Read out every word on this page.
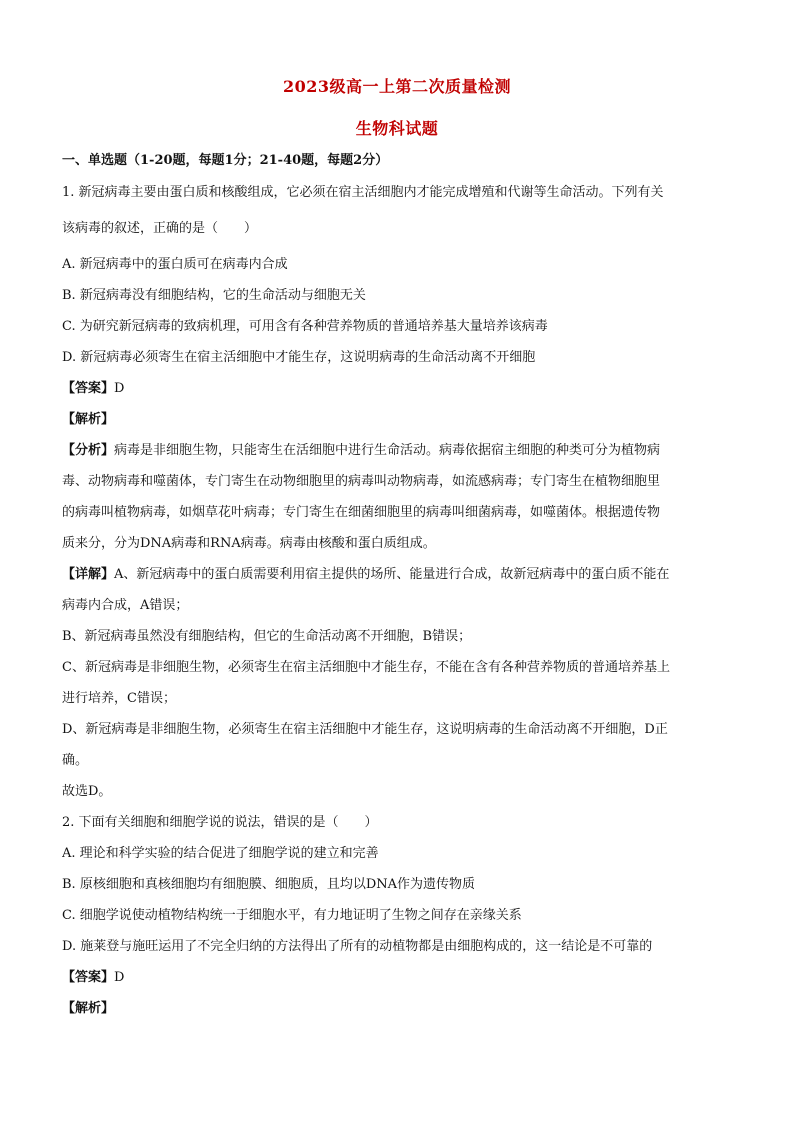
2023级高一上第二次质量检测
生物科试题
一、单选题（1-20题，每题1分；21-40题，每题2分）
1. 新冠病毒主要由蛋白质和核酸组成，它必须在宿主活细胞内才能完成增殖和代谢等生命活动。下列有关
该病毒的叙述，正确的是（　　）
A. 新冠病毒中的蛋白质可在病毒内合成
B. 新冠病毒没有细胞结构，它的生命活动与细胞无关
C. 为研究新冠病毒的致病机理，可用含有各种营养物质的普通培养基大量培养该病毒
D. 新冠病毒必须寄生在宿主活细胞中才能生存，这说明病毒的生命活动离不开细胞
【答案】D
【解析】
【分析】病毒是非细胞生物，只能寄生在活细胞中进行生命活动。病毒依据宿主细胞的种类可分为植物病
毒、动物病毒和噬菌体，专门寄生在动物细胞里的病毒叫动物病毒，如流感病毒；专门寄生在植物细胞里
的病毒叫植物病毒，如烟草花叶病毒；专门寄生在细菌细胞里的病毒叫细菌病毒，如噬菌体。根据遗传物
质来分，分为DNA病毒和RNA病毒。病毒由核酸和蛋白质组成。
【详解】A、新冠病毒中的蛋白质需要利用宿主提供的场所、能量进行合成，故新冠病毒中的蛋白质不能在
病毒内合成，A错误；
B、新冠病毒虽然没有细胞结构，但它的生命活动离不开细胞，B错误；
C、新冠病毒是非细胞生物，必须寄生在宿主活细胞中才能生存，不能在含有各种营养物质的普通培养基上
进行培养，C错误；
D、新冠病毒是非细胞生物，必须寄生在宿主活细胞中才能生存，这说明病毒的生命活动离不开细胞，D正
确。
故选D。
2. 下面有关细胞和细胞学说的说法，错误的是（　　）
A. 理论和科学实验的结合促进了细胞学说的建立和完善
B. 原核细胞和真核细胞均有细胞膜、细胞质，且均以DNA作为遗传物质
C. 细胞学说使动植物结构统一于细胞水平，有力地证明了生物之间存在亲缘关系
D. 施莱登与施旺运用了不完全归纳的方法得出了所有的动植物都是由细胞构成的，这一结论是不可靠的
【答案】D
【解析】
